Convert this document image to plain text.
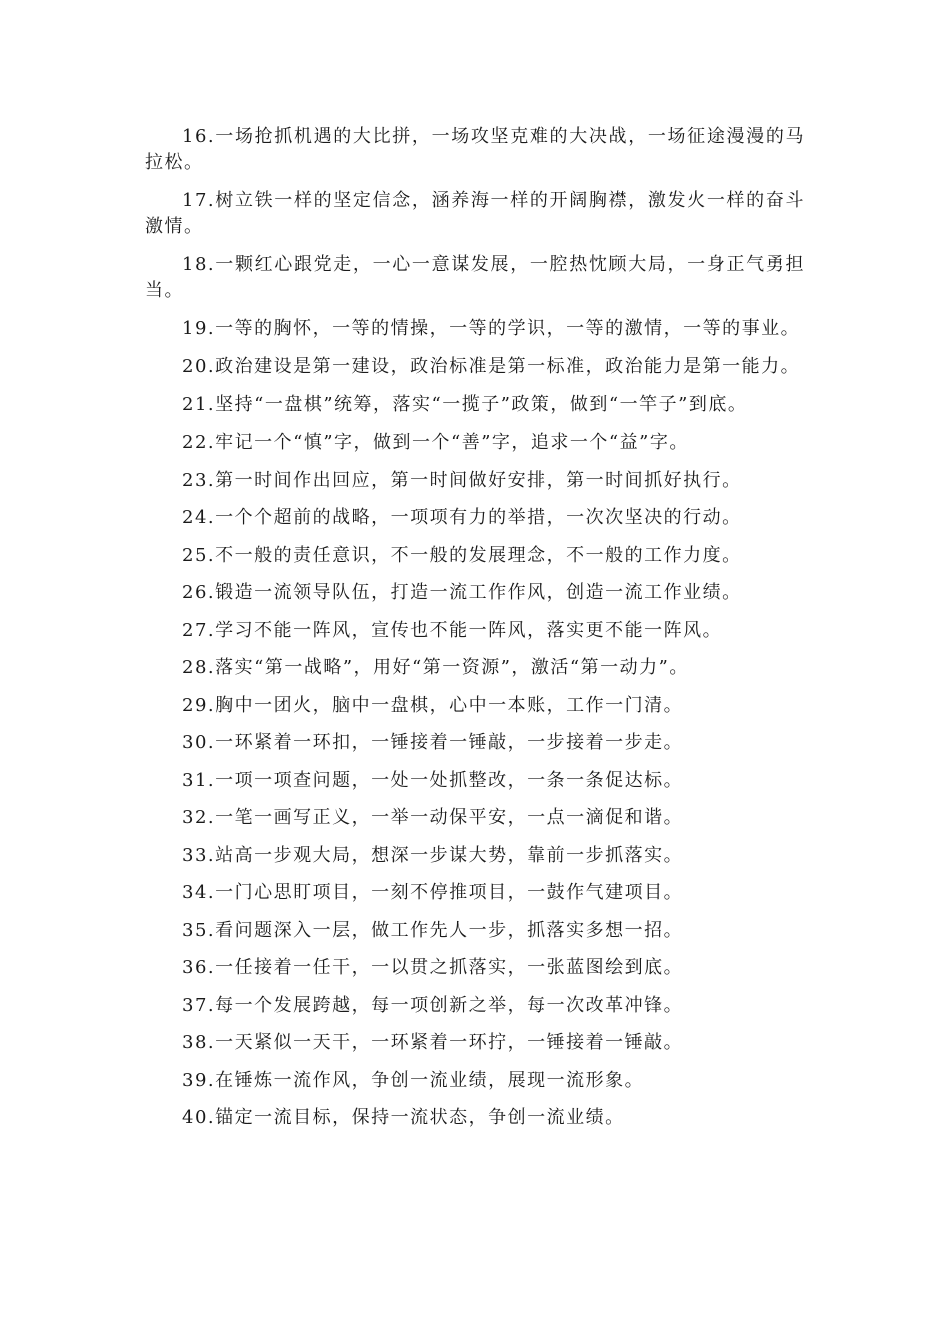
16.一场抢抓机遇的大比拼，一场攻坚克难的大决战，一场征途漫漫的马拉松。

17.树立铁一样的坚定信念，涵养海一样的开阔胸襟，激发火一样的奋斗激情。

18.一颗红心跟党走，一心一意谋发展，一腔热忱顾大局，一身正气勇担当。

19.一等的胸怀，一等的情操，一等的学识，一等的激情，一等的事业。

20.政治建设是第一建设，政治标准是第一标准，政治能力是第一能力。

21.坚持“一盘棋”统筹，落实“一揽子”政策，做到“一竿子”到底。

22.牢记一个“慎”字，做到一个“善”字，追求一个“益”字。

23.第一时间作出回应，第一时间做好安排，第一时间抓好执行。

24.一个个超前的战略，一项项有力的举措，一次次坚决的行动。

25.不一般的责任意识，不一般的发展理念，不一般的工作力度。

26.锻造一流领导队伍，打造一流工作作风，创造一流工作业绩。

27.学习不能一阵风，宣传也不能一阵风，落实更不能一阵风。

28.落实“第一战略”，用好“第一资源”，激活“第一动力”。

29.胸中一团火，脑中一盘棋，心中一本账，工作一门清。

30.一环紧着一环扣，一锤接着一锤敲，一步接着一步走。

31.一项一项查问题，一处一处抓整改，一条一条促达标。

32.一笔一画写正义，一举一动保平安，一点一滴促和谐。

33.站高一步观大局，想深一步谋大势，靠前一步抓落实。

34.一门心思盯项目，一刻不停推项目，一鼓作气建项目。

35.看问题深入一层，做工作先人一步，抓落实多想一招。

36.一任接着一任干，一以贯之抓落实，一张蓝图绘到底。

37.每一个发展跨越，每一项创新之举，每一次改革冲锋。

38.一天紧似一天干，一环紧着一环拧，一锤接着一锤敲。

39.在锤炼一流作风，争创一流业绩，展现一流形象。

40.锚定一流目标，保持一流状态，争创一流业绩。
